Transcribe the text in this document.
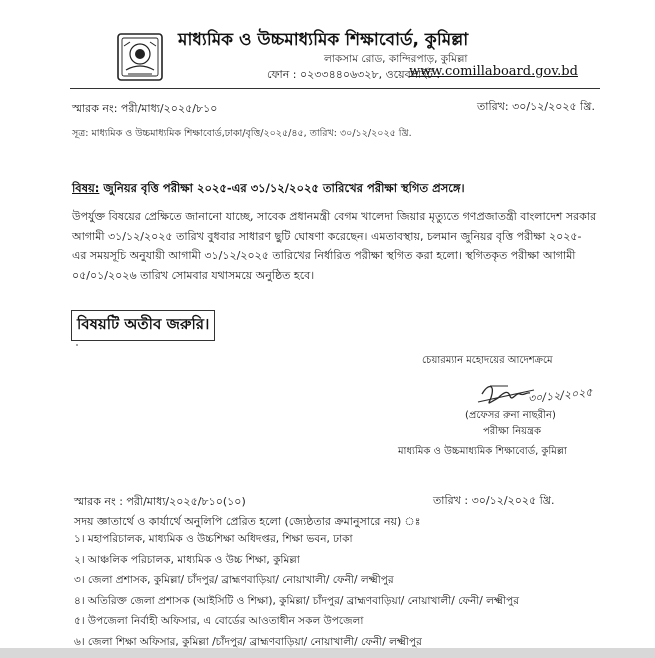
মাধ্যমিক ও উচ্চমাধ্যমিক শিক্ষাবোর্ড, কুমিল্লা
লাকসাম রোড, কান্দিরপাড়, কুমিল্লা
ফোন : ০২৩৩৪৪০৬৩২৮, ওয়েবসাইট :
www.comillaboard.gov.bd
স্মারক নং: পরী/মাধ্য/২০২৫/৮১০	তারিখ: ৩০/১২/২০২৫ খ্রি.
সূত্র: মাধ্যমিক ও উচ্চমাধ্যমিক শিক্ষাবোর্ড,ঢাকা/বৃত্তি/২০২৫/৪৫, তারিখ: ৩০/১২/২০২৫ খ্রি.
বিষয়: জুনিয়র বৃত্তি পরীক্ষা ২০২৫-এর ৩১/১২/২০২৫ তারিখের পরীক্ষা স্থগিত প্রসঙ্গে।
উপর্যুক্ত বিষয়ের প্রেক্ষিতে জানানো যাচ্ছে, সাবেক প্রধানমন্ত্রী বেগম খালেদা জিয়ার মৃত্যুতে গণপ্রজাতন্ত্রী বাংলাদেশ সরকার
আগামী ৩১/১২/২০২৫ তারিখ বুধবার সাধারণ ছুটি ঘোষণা করেছেন। এমতাবস্থায়, চলমান জুনিয়র বৃত্তি পরীক্ষা ২০২৫-
এর সময়সূচি অনুযায়ী আগামী ৩১/১২/২০২৫ তারিখের নির্ধারিত পরীক্ষা স্থগিত করা হলো। স্থগিতকৃত পরীক্ষা আগামী
০৫/০১/২০২৬ তারিখ সোমবার যথাসময়ে অনুষ্ঠিত হবে।
বিষয়টি অতীব জরুরি।
চেয়ারম্যান মহোদয়ের আদেশক্রমে
৩০/১২/২০২৫
(প্রফেসর রুনা নাছরীন)
পরীক্ষা নিয়ন্ত্রক
মাধ্যমিক ও উচ্চমাধ্যমিক শিক্ষাবোর্ড, কুমিল্লা
স্মারক নং : পরী/মাধ্য/২০২৫/৮১০(১০)	তারিখ : ৩০/১২/২০২৫ খ্রি.
সদয় জ্ঞাতার্থে ও কার্যার্থে অনুলিপি প্রেরিত হলো (জ্যেষ্ঠতার ক্রমানুসারে নয়) ঃ
১। মহাপরিচালক, মাধ্যমিক ও উচ্চশিক্ষা অধিদপ্তর, শিক্ষা ভবন, ঢাকা
২। আঞ্চলিক পরিচালক, মাধ্যমিক ও উচ্চ শিক্ষা, কুমিল্লা
৩। জেলা প্রশাসক, কুমিল্লা/ চাঁদপুর/ ব্রাহ্মণবাড়িয়া/ নোয়াখালী/ ফেনী/ লক্ষ্মীপুর
৪। অতিরিক্ত জেলা প্রশাসক (আইসিটি ও শিক্ষা), কুমিল্লা/ চাঁদপুর/ ব্রাহ্মণবাড়িয়া/ নোয়াখালী/ ফেনী/ লক্ষ্মীপুর
৫। উপজেলা নির্বাহী অফিসার, এ বোর্ডের আওতাধীন সকল উপজেলা
৬। জেলা শিক্ষা অফিসার, কুমিল্লা /চাঁদপুর/ ব্রাহ্মণবাড়িয়া/ নোয়াখালী/ ফেনী/ লক্ষ্মীপুর
